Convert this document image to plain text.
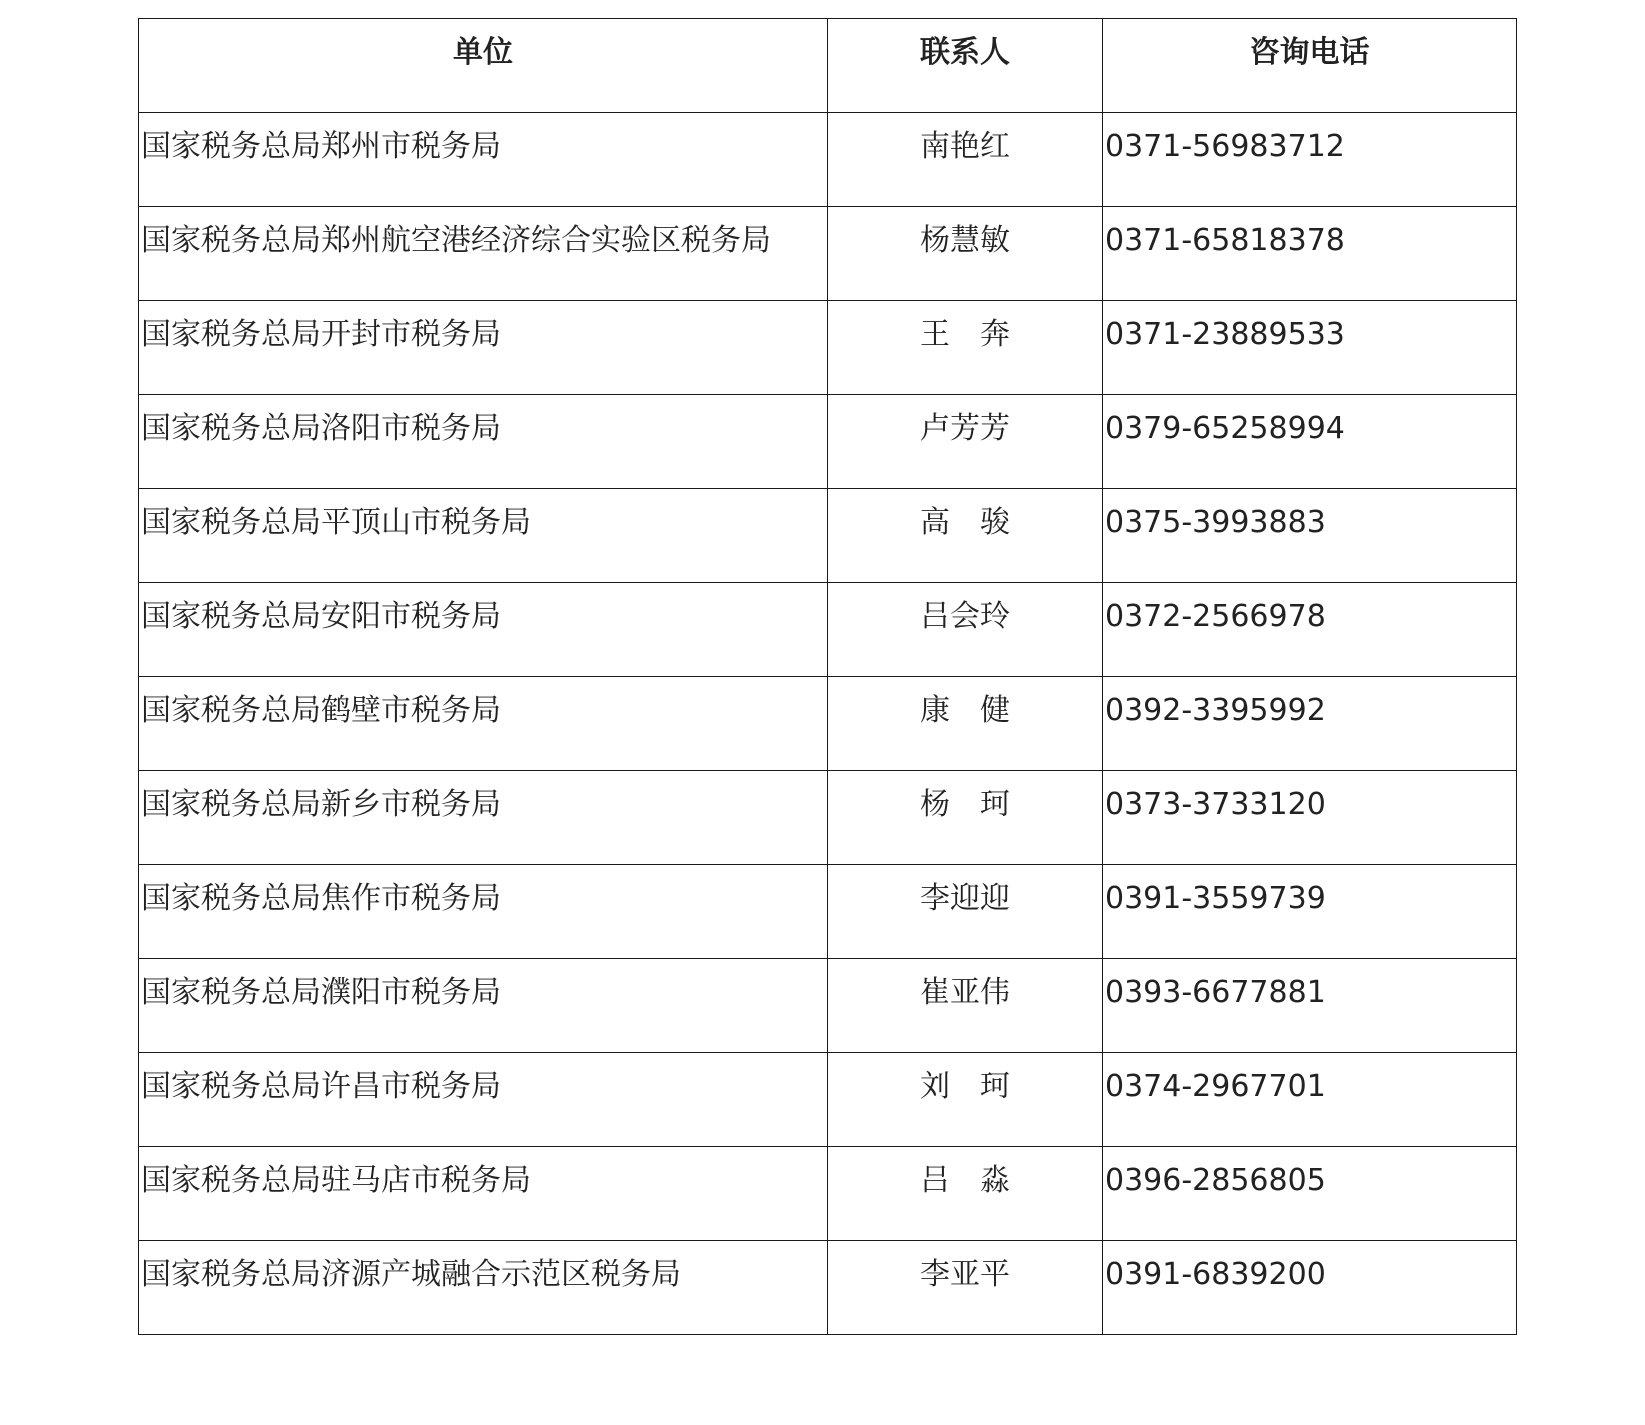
单位	联系人	咨询电话
国家税务总局郑州市税务局	南艳红	0371-56983712
国家税务总局郑州航空港经济综合实验区税务局	杨慧敏	0371-65818378
国家税务总局开封市税务局	王　奔	0371-23889533
国家税务总局洛阳市税务局	卢芳芳	0379-65258994
国家税务总局平顶山市税务局	高　骏	0375-3993883
国家税务总局安阳市税务局	吕会玲	0372-2566978
国家税务总局鹤壁市税务局	康　健	0392-3395992
国家税务总局新乡市税务局	杨　珂	0373-3733120
国家税务总局焦作市税务局	李迎迎	0391-3559739
国家税务总局濮阳市税务局	崔亚伟	0393-6677881
国家税务总局许昌市税务局	刘　珂	0374-2967701
国家税务总局驻马店市税务局	吕　淼	0396-2856805
国家税务总局济源产城融合示范区税务局	李亚平	0391-6839200
